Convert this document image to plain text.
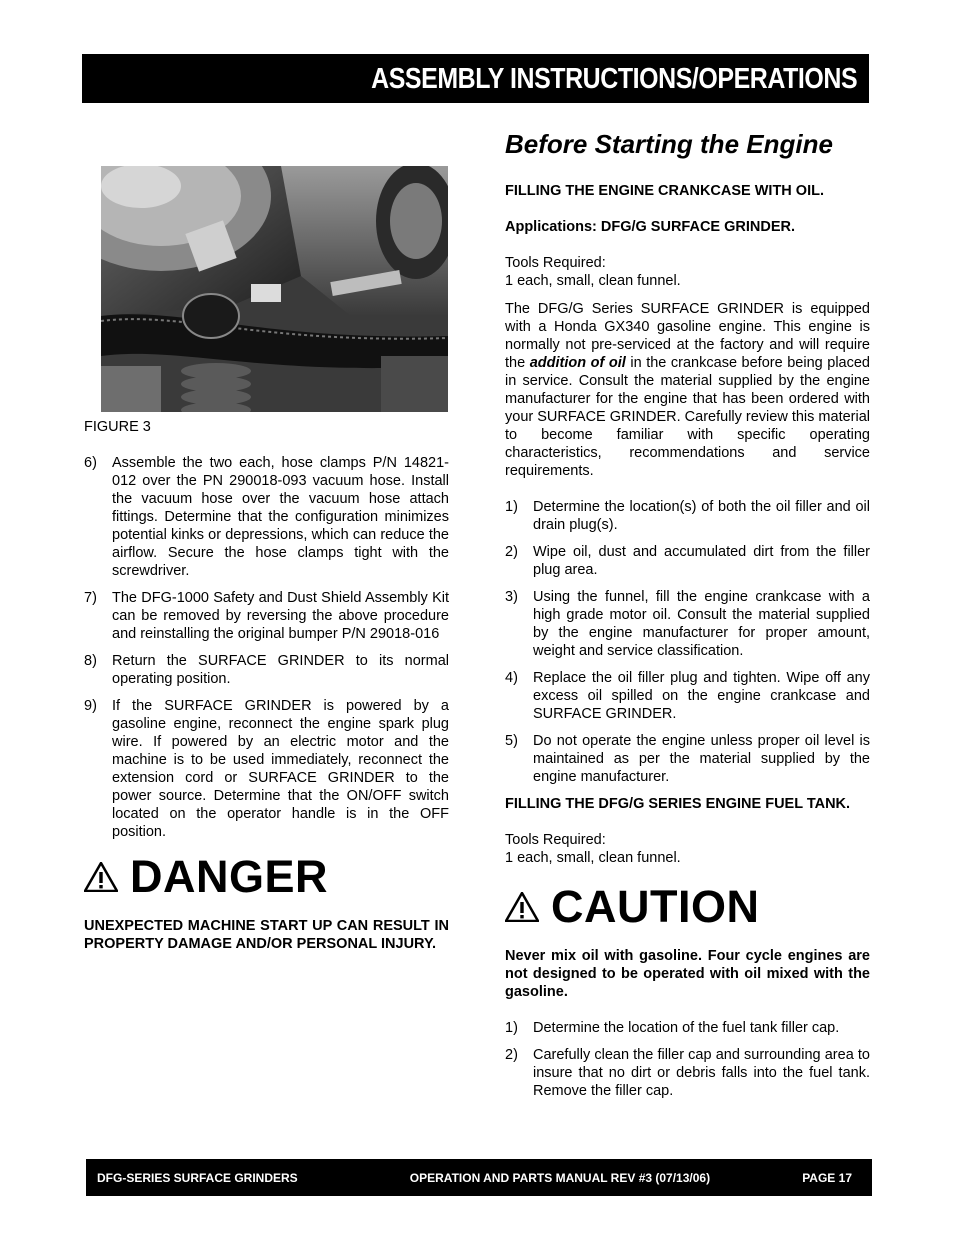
ASSEMBLY INSTRUCTIONS/OPERATIONS
FIGURE 3
6)	Assemble the two each, hose clamps P/N 14821-012 over the PN 290018-093 vacuum hose. Install the vacuum hose over the vacuum hose attach fittings. Determine that the configuration minimizes potential kinks or depressions, which can reduce the airflow. Secure the hose clamps tight with the screwdriver.
7)	The DFG-1000 Safety and Dust Shield Assembly Kit can be removed by reversing the above procedure and reinstalling the original bumper P/N 29018-016
8)	Return the SURFACE GRINDER to its normal operating position.
9)	If the SURFACE GRINDER is powered by a gasoline engine, reconnect the engine spark plug wire. If powered by an electric motor and the machine is to be used immediately, reconnect the extension cord or SURFACE GRINDER to the power source. Determine that the ON/OFF switch located on the operator handle is in the OFF position.
DANGER

UNEXPECTED MACHINE START UP CAN RESULT IN PROPERTY DAMAGE AND/OR PERSONAL INJURY.

Before Starting the Engine

FILLING THE ENGINE CRANKCASE WITH OIL.

Applications: DFG/G SURFACE GRINDER.

Tools Required:

1 each, small, clean funnel.

The DFG/G Series SURFACE GRINDER is equipped with a Honda GX340 gasoline engine. This engine is normally not pre-serviced at the factory and will require the addition of oil in the crankcase before being placed in service. Consult the material supplied by the engine manufacturer for the engine that has been ordered with your SURFACE GRINDER. Carefully review this material to become familiar with specific operating characteristics, recommendations and service requirements.

1)	Determine the location(s) of both the oil filler and oil drain plug(s).
2)	Wipe oil, dust and accumulated dirt from the filler plug area.
3)	Using the funnel, fill the engine crankcase with a high grade motor oil. Consult the material supplied by the engine manufacturer for proper amount, weight and service classification.
4)	Replace the oil filler plug and tighten. Wipe off any excess oil spilled on the engine crankcase and SURFACE GRINDER.
5)	Do not operate the engine unless proper oil level is maintained as per the material supplied by the engine manufacturer.

FILLING THE DFG/G SERIES ENGINE FUEL TANK.

Tools Required:

1 each, small, clean funnel.

CAUTION

Never mix oil with gasoline. Four cycle engines are not designed to be operated with oil mixed with the gasoline.

1)	Determine the location of the fuel tank filler cap.
2)	Carefully clean the filler cap and surrounding area to insure that no dirt or debris falls into the fuel tank. Remove the filler cap.
DFG-SERIES SURFACE GRINDERS	OPERATION AND PARTS MANUAL REV #3 (07/13/06)	PAGE 17
